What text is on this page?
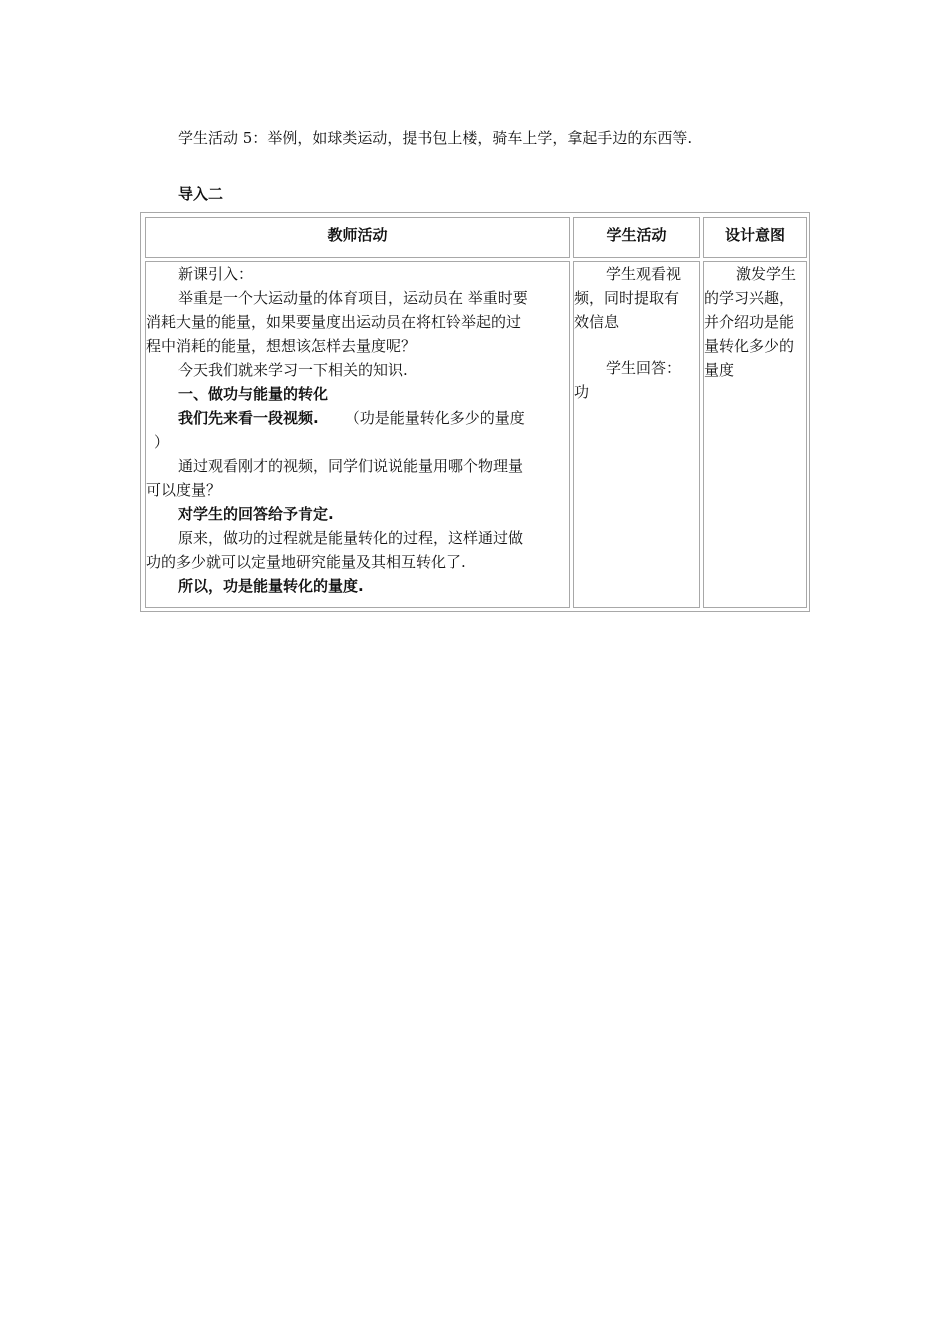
学生活动 5：举例，如球类运动，提书包上楼，骑车上学，拿起手边的东西等.
导入二
教师活动	学生活动	设计意图

新课引入：

举重是一个大运动量的体育项目，运动员在 举重时要

消耗大量的能量，如果要量度出运动员在将杠铃举起的过

程中消耗的能量，想想该怎样去量度呢？

今天我们就来学习一下相关的知识.

一、做功与能量的转化

我们先来看一段视频. （功是能量转化多少的量度

）

通过观看刚才的视频，同学们说说能量用哪个物理量

可以度量？

对学生的回答给予肯定.

原来，做功的过程就是能量转化的过程，这样通过做

功的多少就可以定量地研究能量及其相互转化了.

所以，功是能量转化的量度.

学生观看视

频，同时提取有

效信息

学生回答：

功

激发学生

的学习兴趣，

并介绍功是能

量转化多少的

量度
